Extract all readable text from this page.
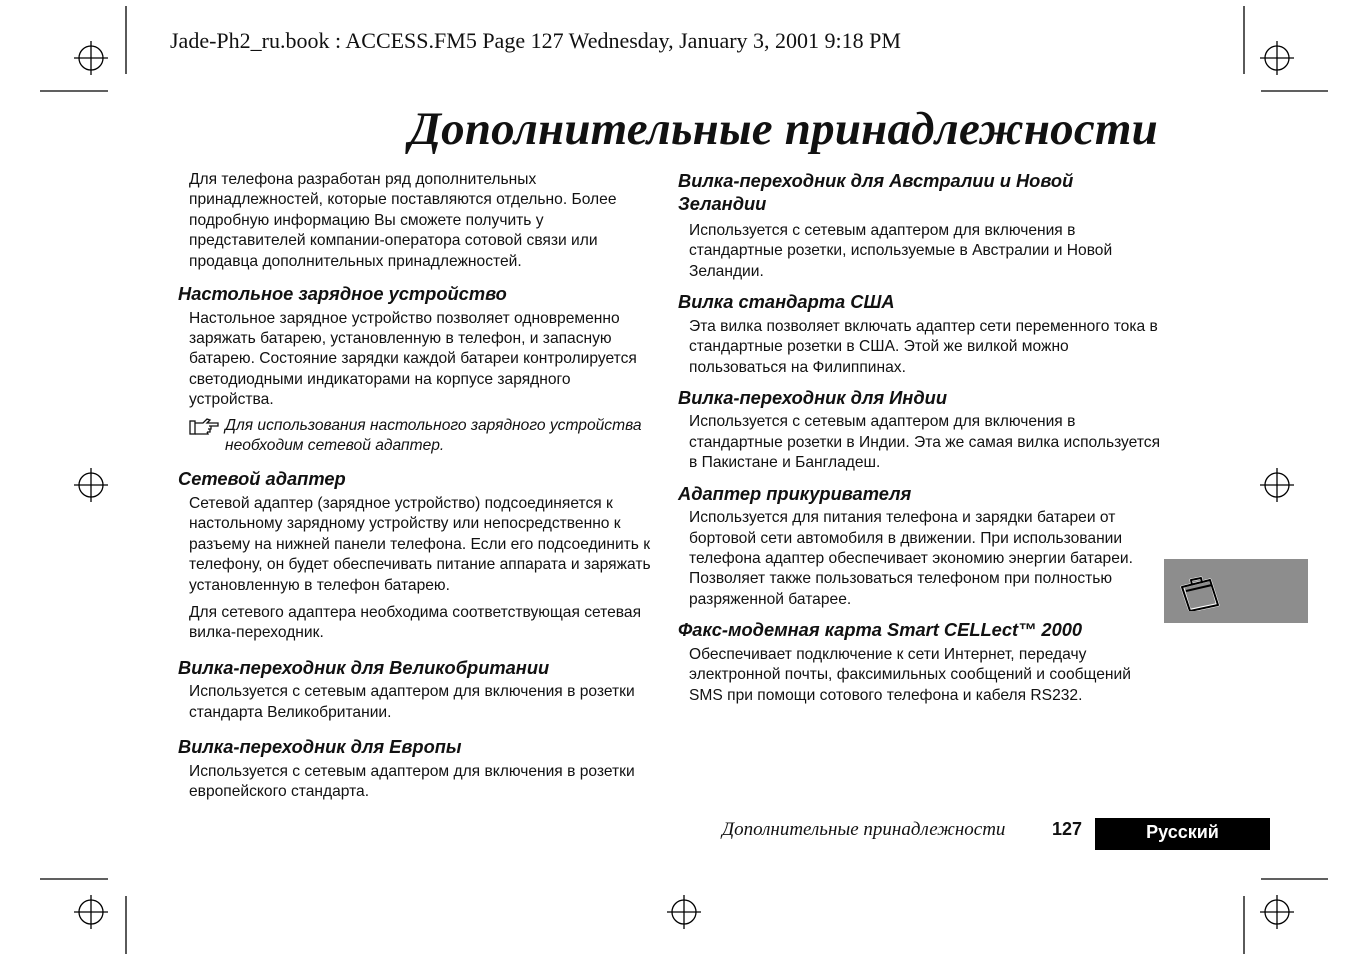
Jade-Ph2_ru.book : ACCESS.FM5 Page 127 Wednesday, January 3, 2001 9:18 PM
Дополнительные принадлежности

Для телефона разработан ряд дополнительных принадлежностей, которые поставляются отдельно. Более подробную информацию Вы сможете получить у представителей компании-оператора сотовой связи или продавца дополнительных принадлежностей.

Настольное зарядное устройство

Настольное зарядное устройство позволяет одновременно заряжать батарею, установленную в телефон, и запасную батарею. Состояние зарядки каждой батареи контролируется светодиодными индикаторами на корпусе зарядного устройства.

Для использования настольного зарядного устройства необходим сетевой адаптер.
Сетевой адаптер

Сетевой адаптер (зарядное устройство) подсоединяется к настольному зарядному устройству или непосредственно к разъему на нижней панели телефона. Если его подсоединить к телефону, он будет обеспечивать питание аппарата и заряжать установленную в телефон батарею.

Для сетевого адаптера необходима соответствующая сетевая вилка-переходник.

Вилка-переходник для Великобритании

Используется с сетевым адаптером для включения в розетки стандарта Великобритании.

Вилка-переходник для Европы

Используется с сетевым адаптером для включения в розетки европейского стандарта.

Вилка-переходник для Австралии и Новой Зеландии

Используется с сетевым адаптером для включения в стандартные розетки, используемые в Австралии и Новой Зеландии.

Вилка стандарта США

Эта вилка позволяет включать адаптер сети переменного тока в стандартные розетки в США. Этой же вилкой можно пользоваться на Филиппинах.

Вилка-переходник для Индии

Используется с сетевым адаптером для включения в стандартные розетки в Индии. Эта же самая вилка используется в Пакистане и Бангладеш.

Адаптер прикуривателя

Используется для питания телефона и зарядки батареи от бортовой сети автомобиля в движении. При использовании телефона адаптер обеспечивает экономию энергии батареи. Позволяет также пользоваться телефоном при полностью разряженной батарее.

Факс-модемная карта Smart CELLect™ 2000

Обеспечивает подключение к сети Интернет, передачу электронной почты, факсимильных сообщений и сообщений SMS при помощи сотового телефона и кабеля RS232.

Дополнительные принадлежности	127	Русский
